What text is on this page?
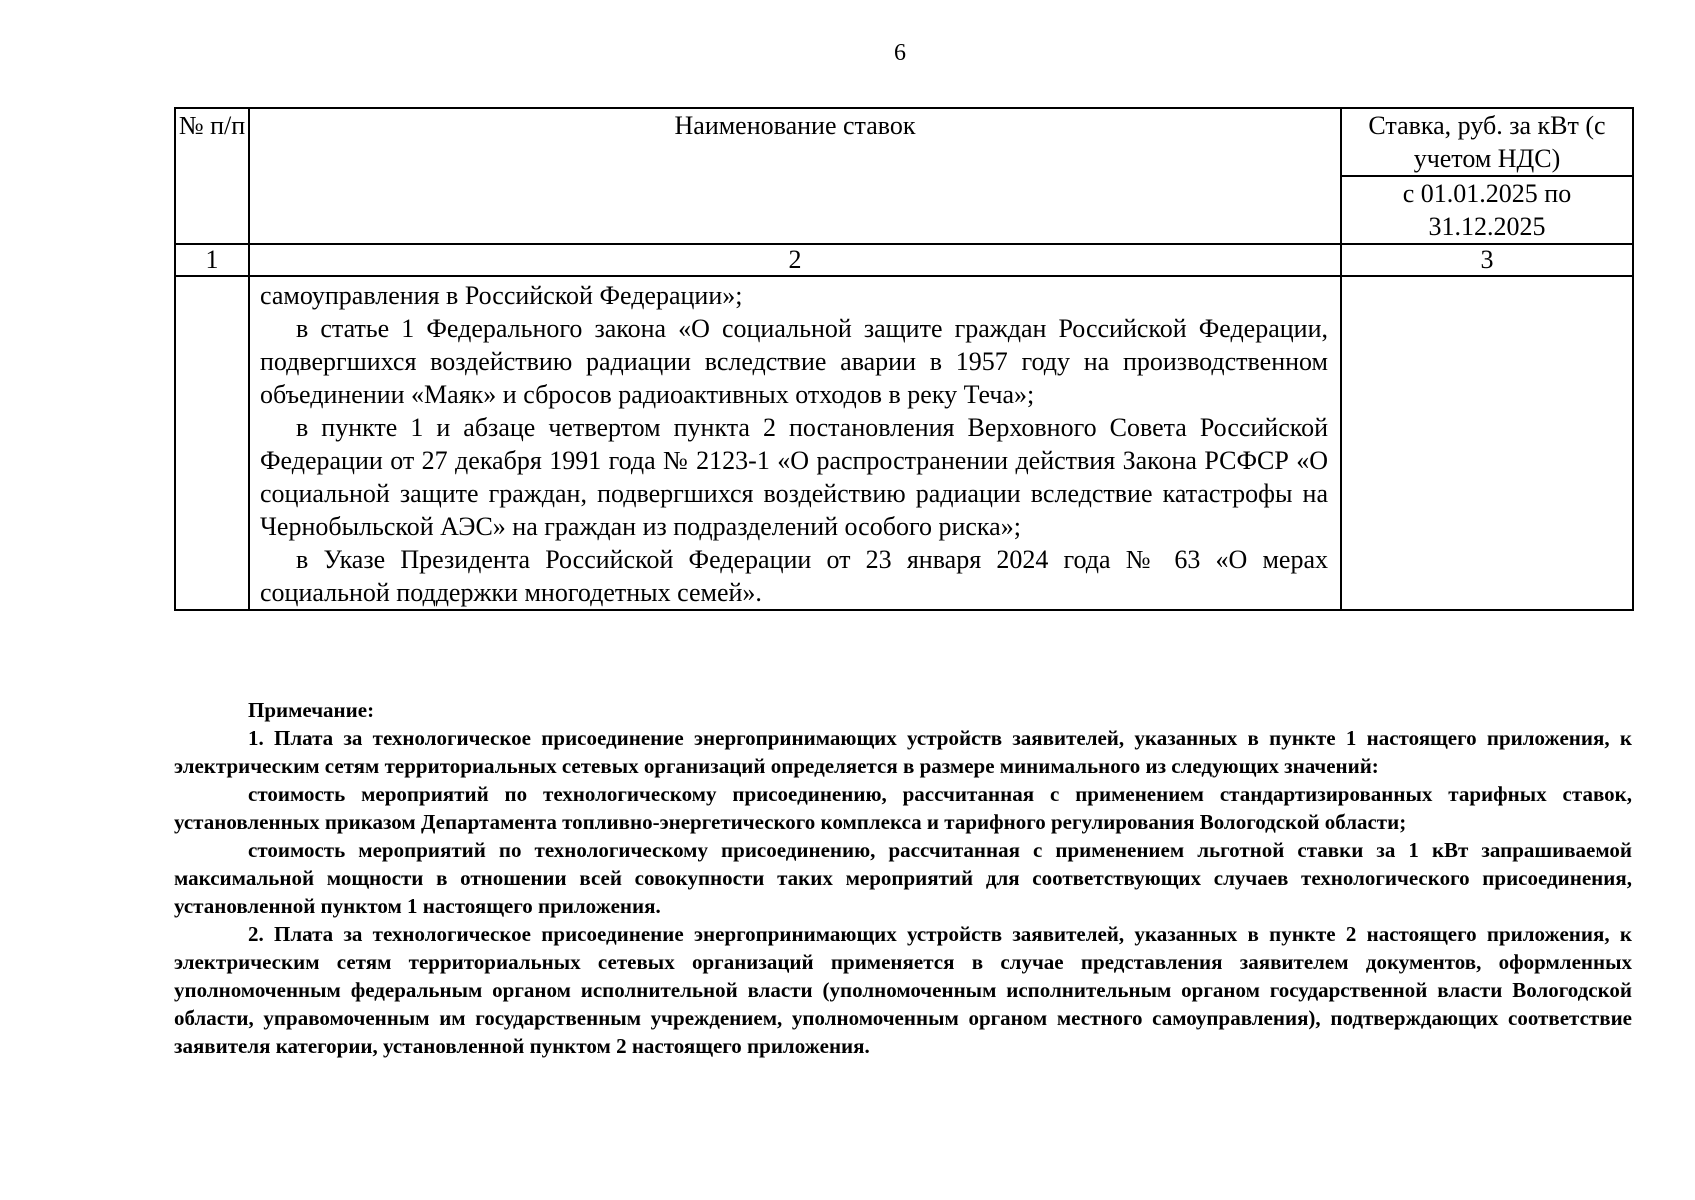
6
№ п/п	Наименование ставок	Ставка, руб. за кВт (с учетом НДС)
		с 01.01.2025 по 31.12.2025
1	2	3

	самоуправления в Российской Федерации»;

в статье 1 Федерального закона «О социальной защите граждан Российской Федерации, подвергшихся воздействию радиации вследствие аварии в 1957 году на производственном объединении «Маяк» и сбросов радиоактивных отходов в реку Теча»;

в пункте 1 и абзаце четвертом пункта 2 постановления Верховного Совета Российской Федерации от 27 декабря 1991 года № 2123-1 «О распространении действия Закона РСФСР «О социальной защите граждан, подвергшихся воздействию радиации вследствие катастрофы на Чернобыльской АЭС» на граждан из подразделений особого риска»;

в Указе Президента Российской Федерации от 23 января 2024 года № 63 «О мерах социальной поддержки многодетных семей».	

Примечание:

1. Плата за технологическое присоединение энергопринимающих устройств заявителей, указанных в пункте 1 настоящего приложения, к электрическим сетям территориальных сетевых организаций определяется в размере минимального из следующих значений:

стоимость мероприятий по технологическому присоединению, рассчитанная с применением стандартизированных тарифных ставок, установленных приказом Департамента топливно-энергетического комплекса и тарифного регулирования Вологодской области;

стоимость мероприятий по технологическому присоединению, рассчитанная с применением льготной ставки за 1 кВт запрашиваемой максимальной мощности в отношении всей совокупности таких мероприятий для соответствующих случаев технологического присоединения, установленной пунктом 1 настоящего приложения.

2. Плата за технологическое присоединение энергопринимающих устройств заявителей, указанных в пункте 2 настоящего приложения, к электрическим сетям территориальных сетевых организаций применяется в случае представления заявителем документов, оформленных уполномоченным федеральным органом исполнительной власти (уполномоченным исполнительным органом государственной власти Вологодской области, управомоченным им государственным учреждением, уполномоченным органом местного самоуправления), подтверждающих соответствие заявителя категории, установленной пунктом 2 настоящего приложения.
